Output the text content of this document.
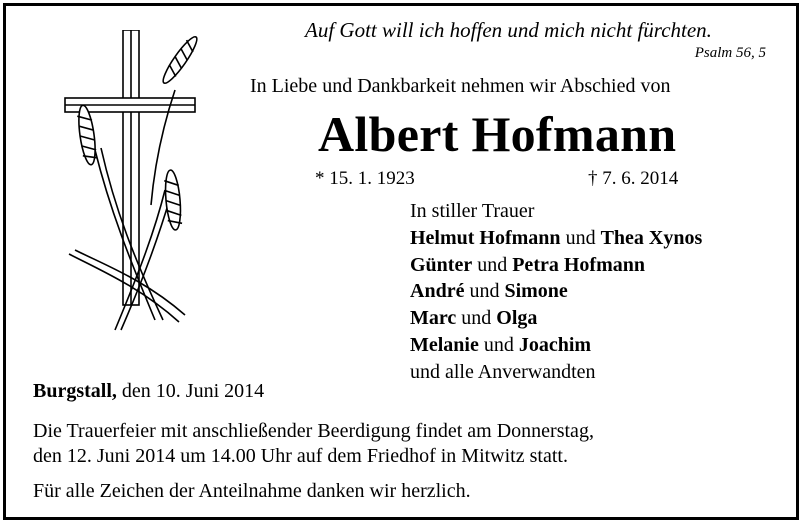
Auf Gott will ich hoffen und mich nicht fürchten.
Psalm 56, 5
In Liebe und Dankbarkeit nehmen wir Abschied von
Albert Hofmann
* 15. 1. 1923	† 7. 6. 2014
In stiller Trauer
Helmut Hofmann und Thea Xynos
Günter und Petra Hofmann
André und Simone
Marc und Olga
Melanie und Joachim
und alle Anverwandten
Burgstall, den 10. Juni 2014
Die Trauerfeier mit anschließender Beerdigung findet am Donnerstag,
den 12. Juni 2014 um 14.00 Uhr auf dem Friedhof in Mitwitz statt.
Für alle Zeichen der Anteilnahme danken wir herzlich.
